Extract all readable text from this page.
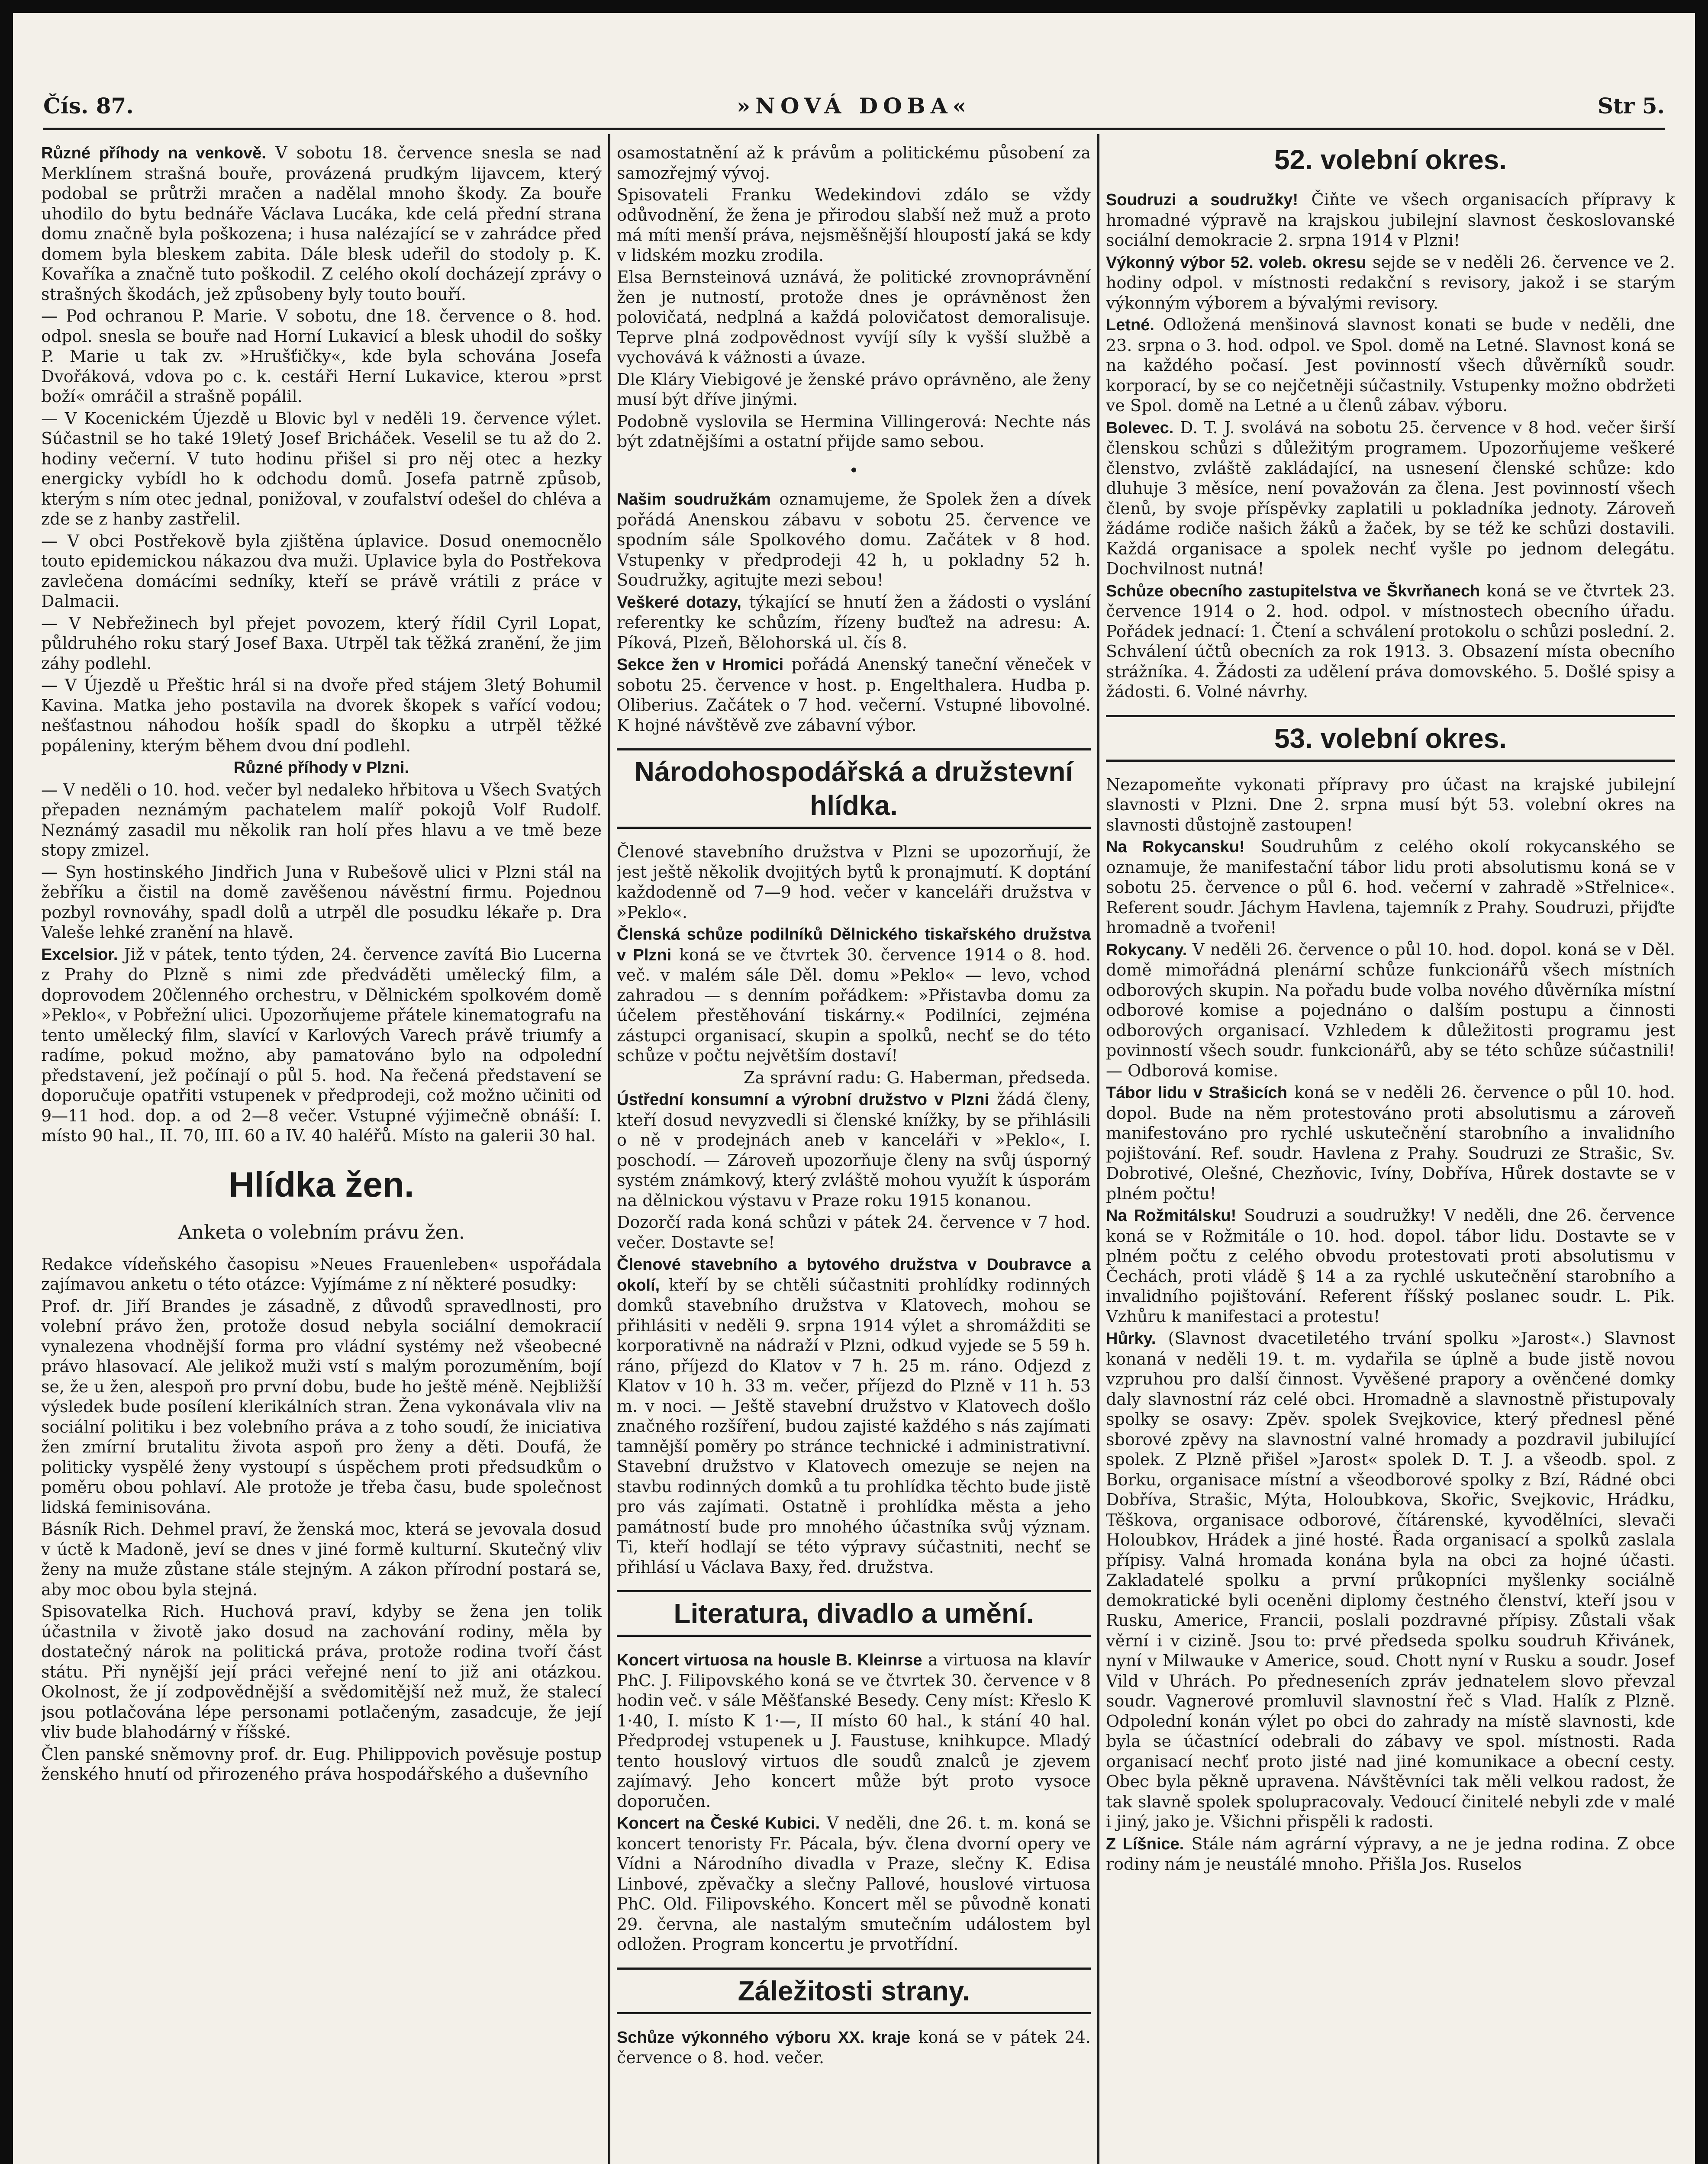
Čís. 87.	»NOVÁ DOBA«	Str 5.

Různé příhody na venkově. V sobotu 18. července snesla se nad Merklínem strašná bouře, provázená prudkým lijavcem, který podobal se průtrži mračen a nadělal mnoho škody. Za bouře uhodilo do bytu bednáře Václava Lucáka, kde celá přední strana domu značně byla poškozena; i husa nalézající se v zahrádce před domem byla bleskem zabita. Dále blesk udeřil do stodoly p. K. Kovaříka a značně tuto poškodil. Z celého okolí docházejí zprávy o strašných škodách, jež způsobeny byly touto bouří.

— Pod ochranou P. Marie. V sobotu, dne 18. července o 8. hod. odpol. snesla se bouře nad Horní Lukavicí a blesk uhodil do sošky P. Marie u tak zv. »Hrušťičky«, kde byla schována Josefa Dvořáková, vdova po c. k. cestáři Herní Lukavice, kterou »prst boží« omráčil a strašně popálil.

— V Kocenickém Újezdě u Blovic byl v neděli 19. července výlet. Súčastnil se ho také 19letý Josef Bricháček. Veselil se tu až do 2. hodiny večerní. V tuto hodinu přišel si pro něj otec a hezky energicky vybídl ho k odchodu domů. Josefa patrně způsob, kterým s ním otec jednal, ponižoval, v zoufalství odešel do chléva a zde se z hanby zastřelil.

— V obci Postřekově byla zjištěna úplavice. Dosud onemocnělo touto epidemickou nákazou dva muži. Uplavice byla do Postřekova zavlečena domácími sedníky, kteří se právě vrátili z práce v Dalmacii.

— V Nebřežinech byl přejet povozem, který řídil Cyril Lopat, půldruhého roku starý Josef Baxa. Utrpěl tak těžká zranění, že jim záhy podlehl.

— V Újezdě u Přeštic hrál si na dvoře před stájem 3letý Bohumil Kavina. Matka jeho postavila na dvorek škopek s vařící vodou; nešťastnou náhodou hošík spadl do škopku a utrpěl těžké popáleniny, kterým během dvou dní podlehl.

Různé příhody v Plzni.

— V neděli o 10. hod. večer byl nedaleko hřbitova u Všech Svatých přepaden neznámým pachatelem malíř pokojů Volf Rudolf. Neznámý zasadil mu několik ran holí přes hlavu a ve tmě beze stopy zmizel.

— Syn hostinského Jindřich Juna v Rubešově ulici v Plzni stál na žebříku a čistil na domě zavěšenou návěstní firmu. Pojednou pozbyl rovnováhy, spadl dolů a utrpěl dle posudku lékaře p. Dra Valeše lehké zranění na hlavě.

Excelsior. Již v pátek, tento týden, 24. července zavítá Bio Lucerna z Prahy do Plzně s nimi zde předváděti umělecký film, a doprovodem 20členného orchestru, v Dělnickém spolkovém domě »Peklo«, v Pobřežní ulici. Upozorňujeme přátele kinematografu na tento umělecký film, slavící v Karlových Varech právě triumfy a radíme, pokud možno, aby pamatováno bylo na odpolední představení, jež počínají o půl 5. hod. Na řečená představení se doporučuje opatřiti vstupenek v předprodeji, což možno učiniti od 9—11 hod. dop. a od 2—8 večer. Vstupné výjimečně obnáší: I. místo 90 hal., II. 70, III. 60 a IV. 40 haléřů. Místo na galerii 30 hal.

Hlídka žen.
Anketa o volebním právu žen.

Redakce vídeňského časopisu »Neues Frauenleben« uspořádala zajímavou anketu o této otázce: Vyjímáme z ní některé posudky:

Prof. dr. Jiří Brandes je zásadně, z důvodů spravedlnosti, pro volební právo žen, protože dosud nebyla sociální demokracií vynalezena vhodnější forma pro vládní systémy než všeobecné právo hlasovací. Ale jelikož muži vstí s malým porozuměním, bojí se, že u žen, alespoň pro první dobu, bude ho ještě méně. Nejbližší výsledek bude posílení klerikálních stran. Žena vykonávala vliv na sociální politiku i bez volebního práva a z toho soudí, že iniciativa žen zmírní brutalitu života aspoň pro ženy a děti. Doufá, že politicky vyspělé ženy vystoupí s úspěchem proti předsudkům o poměru obou pohlaví. Ale protože je třeba času, bude společnost lidská feminisována.

Básník Rich. Dehmel praví, že ženská moc, která se jevovala dosud v úctě k Madoně, jeví se dnes v jiné formě kulturní. Skutečný vliv ženy na muže zůstane stále stejným. A zákon přírodní postará se, aby moc obou byla stejná.

Spisovatelka Rich. Huchová praví, kdyby se žena jen tolik účastnila v životě jako dosud na zachování rodiny, měla by dostatečný nárok na politická práva, protože rodina tvoří část státu. Při nynější její práci veřejné není to již ani otázkou. Okolnost, že jí zodpovědnější a svědomitější než muž, že stalecí jsou potlačována lépe personami potlačeným, zasadcuje, že její vliv bude blahodárný v říšské.

Člen panské sněmovny prof. dr. Eug. Philippovich pověsuje postup ženského hnutí od přirozeného práva hospodářského a duševního

osamostatnění až k právům a politickému působení za samozřejmý vývoj.

Spisovateli Franku Wedekindovi zdálo se vždy odůvodnění, že žena je přirodou slabší než muž a proto má míti menší práva, nejsměšnější hloupostí jaká se kdy v lidském mozku zrodila.

Elsa Bernsteinová uznává, že politické zrovnoprávnění žen je nutností, protože dnes je oprávněnost žen polovičatá, nedplná a každá polovičatost demoralisuje. Teprve plná zodpovědnost vyvíjí síly k vyšší službě a vychovává k vážnosti a úvaze.

Dle Kláry Viebigové je ženské právo oprávněno, ale ženy musí být dříve jinými.

Podobně vyslovila se Hermina Villingerová: Nechte nás být zdatnějšími a ostatní přijde samo sebou.

•

Našim soudružkám oznamujeme, že Spolek žen a dívek pořádá Anenskou zábavu v sobotu 25. července ve spodním sále Spolkového domu. Začátek v 8 hod. Vstupenky v předprodeji 42 h, u pokladny 52 h. Soudružky, agitujte mezi sebou!

Veškeré dotazy, týkající se hnutí žen a žádosti o vyslání referentky ke schůzím, řízeny buďtež na adresu: A. Píková, Plzeň, Bělohorská ul. čís 8.

Sekce žen v Hromici pořádá Anenský taneční věneček v sobotu 25. července v host. p. Engelthalera. Hudba p. Oliberius. Začátek o 7 hod. večerní. Vstupné libovolné. K hojné návštěvě zve zábavní výbor.

Národohospodářská a družstevní hlídka.

Členové stavebního družstva v Plzni se upozorňují, že jest ještě několik dvojitých bytů k pronajmutí. K doptání každodenně od 7—9 hod. večer v kanceláři družstva v »Peklo«.

Členská schůze podilníků Dělnického tiskařského družstva v Plzni koná se ve čtvrtek 30. července 1914 o 8. hod. več. v malém sále Děl. domu »Peklo« — levo, vchod zahradou — s denním pořádkem: »Přistavba domu za účelem přestěhování tiskárny.« Podilníci, zejména zástupci organisací, skupin a spolků, nechť se do této schůze v počtu největším dostaví!

Za správní radu: G. Haberman, předseda.

Ústřední konsumní a výrobní družstvo v Plzni žádá členy, kteří dosud nevyzvedli si členské knížky, by se přihlásili o ně v prodejnách aneb v kanceláři v »Peklo«, I. poschodí. — Zároveň upozorňuje členy na svůj úsporný systém známkový, který zvláště mohou využít k úsporám na dělnickou výstavu v Praze roku 1915 konanou.

Dozorčí rada koná schůzi v pátek 24. července v 7 hod. večer. Dostavte se!

Členové stavebního a bytového družstva v Doubravce a okolí, kteří by se chtěli súčastniti prohlídky rodinných domků stavebního družstva v Klatovech, mohou se přihlásiti v neděli 9. srpna 1914 výlet a shromážditi se korporativně na nádraží v Plzni, odkud vyjede se 5 59 h. ráno, příjezd do Klatov v 7 h. 25 m. ráno. Odjezd z Klatov v 10 h. 33 m. večer, příjezd do Plzně v 11 h. 53 m. v noci. — Ještě stavební družstvo v Klatovech došlo značného rozšíření, budou zajisté každého s nás zajímati tamnější poměry po stránce technické i administrativní. Stavební družstvo v Klatovech omezuje se nejen na stavbu rodinných domků a tu prohlídka těchto bude jistě pro vás zajímati. Ostatně i prohlídka města a jeho památností bude pro mnohého účastníka svůj význam. Ti, kteří hodlají se této výpravy súčastniti, nechť se přihlásí u Václava Baxy, řed. družstva.

Literatura, divadlo a umění.

Koncert virtuosa na housle B. Kleinrse a virtuosa na klavír PhC. J. Filipovského koná se ve čtvrtek 30. července v 8 hodin več. v sále Měšťanské Besedy. Ceny míst: Křeslo K 1·40, I. místo K 1·—, II místo 60 hal., k stání 40 hal. Předprodej vstupenek u J. Faustuse, knihkupce. Mladý tento houslový virtuos dle soudů znalců je zjevem zajímavý. Jeho koncert může být proto vysoce doporučen.

Koncert na České Kubici. V neděli, dne 26. t. m. koná se koncert tenoristy Fr. Pácala, býv. člena dvorní opery ve Vídni a Národního divadla v Praze, slečny K. Edisa Linbové, zpěvačky a slečny Pallové, houslové virtuosa PhC. Old. Filipovského. Koncert měl se původně konati 29. června, ale nastalým smutečním událostem byl odložen. Program koncertu je prvotřídní.

Záležitosti strany.

Schůze výkonného výboru XX. kraje koná se v pátek 24. července o 8. hod. večer.

52. volební okres.

Soudruzi a soudružky! Čiňte ve všech organisacích přípravy k hromadné výpravě na krajskou jubilejní slavnost českoslovanské sociální demokracie 2. srpna 1914 v Plzni!

Výkonný výbor 52. voleb. okresu sejde se v neděli 26. července ve 2. hodiny odpol. v místnosti redakční s revisory, jakož i se starým výkonným výborem a bývalými revisory.

Letné. Odložená menšinová slavnost konati se bude v neděli, dne 23. srpna o 3. hod. odpol. ve Spol. domě na Letné. Slavnost koná se na každého počasí. Jest povinností všech důvěrníků soudr. korporací, by se co nejčetněji súčastnily. Vstupenky možno obdržeti ve Spol. domě na Letné a u členů zábav. výboru.

Bolevec. D. T. J. svolává na sobotu 25. července v 8 hod. večer širší členskou schůzi s důležitým programem. Upozorňujeme veškeré členstvo, zvláště zakládající, na usnesení členské schůze: kdo dluhuje 3 měsíce, není považován za člena. Jest povinností všech členů, by svoje příspěvky zaplatili u pokladníka jednoty. Zároveň žádáme rodiče našich žáků a žaček, by se též ke schůzi dostavili. Každá organisace a spolek nechť vyšle po jednom delegátu. Dochvilnost nutná!

Schůze obecního zastupitelstva ve Škvrňanech koná se ve čtvrtek 23. července 1914 o 2. hod. odpol. v místnostech obecního úřadu. Pořádek jednací: 1. Čtení a schválení protokolu o schůzi poslední. 2. Schválení účtů obecních za rok 1913. 3. Obsazení místa obecního strážníka. 4. Žádosti za udělení práva domovského. 5. Došlé spisy a žádosti. 6. Volné návrhy.

53. volební okres.

Nezapomeňte vykonati přípravy pro účast na krajské jubilejní slavnosti v Plzni. Dne 2. srpna musí být 53. volební okres na slavnosti důstojně zastoupen!

Na Rokycansku! Soudruhům z celého okolí rokycanského se oznamuje, že manifestační tábor lidu proti absolutismu koná se v sobotu 25. července o půl 6. hod. večerní v zahradě »Střelnice«. Referent soudr. Jáchym Havlena, tajemník z Prahy. Soudruzi, přijďte hromadně a tvořeni!

Rokycany. V neděli 26. července o půl 10. hod. dopol. koná se v Děl. domě mimořádná plenární schůze funkcionářů všech místních odborových skupin. Na pořadu bude volba nového důvěrníka místní odborové komise a pojednáno o dalším postupu a činnosti odborových organisací. Vzhledem k důležitosti programu jest povinností všech soudr. funkcionářů, aby se této schůze súčastnili! — Odborová komise.

Tábor lidu v Strašicích koná se v neděli 26. července o půl 10. hod. dopol. Bude na něm protestováno proti absolutismu a zároveň manifestováno pro rychlé uskutečnění starobního a invalidního pojištování. Ref. soudr. Havlena z Prahy. Soudruzi ze Strašic, Sv. Dobrotivé, Olešné, Chezňovic, Ivíny, Dobřívа, Hůrek dostavte se v plném počtu!

Na Rožmitálsku! Soudruzi a soudružky! V neděli, dne 26. července koná se v Rožmitále o 10. hod. dopol. tábor lidu. Dostavte se v plném počtu z celého obvodu protestovati proti absolutismu v Čechách, proti vládě § 14 a za rychlé uskutečnění starobního a invalidního pojištování. Referent říšský poslanec soudr. L. Pik. Vzhůru k manifestaci a protestu!

Hůrky. (Slavnost dvacetiletého trvání spolku »Jarost«.) Slavnost konaná v neděli 19. t. m. vydařila se úplně a bude jistě novou vzpruhou pro další činnost. Vyvěšené prapory a ověnčené domky daly slavnostní ráz celé obci. Hromadně a slavnostně přistupovaly spolky se osavy: Zpěv. spolek Svejkovice, který přednesl pěné sborové zpěvy na slavnostní valné hromady a pozdravil jubilující spolek. Z Plzně přišel »Jarost« spolek D. T. J. a všeodb. spol. z Borku, organisace místní a všeodborové spolky z Bzí, Rádné obci Dobřívа, Strašic, Mýta, Holoubkova, Skořic, Svejkovic, Hrádku, Těškova, organisace odborové, čítárenské, kyvodělníci, slevači Holoubkov, Hrádek a jiné hosté. Řada organisací a spolků zaslala přípisy. Valná hromada konána byla na obci za hojné účasti. Zakladatelé spolku a první průkopníci myšlenky sociálně demokratické byli oceněni diplomy čestného členství, kteří jsou v Rusku, Americe, Francii, poslali pozdravné přípisy. Zůstali však věrní i v cizině. Jsou to: prvé předseda spolku soudruh Křivánek, nyní v Milwauke v Americe, soud. Chott nyní v Rusku a soudr. Josef Vild v Uhrách. Po předneseních zpráv jednatelem slovo převzal soudr. Vagnerové promluvil slavnostní řeč s Vlad. Halík z Plzně. Odpolední konán výlet po obci do zahrady na místě slavnosti, kde byla se účastnící odebrali do zábavy ve spol. místnosti. Rada organisací nechť proto jisté nad jiné komunikace a obecní cesty. Obec byla pěkně upravena. Návštěvníci tak měli velkou radost, že tak slavně spolek spolupracovaly. Vedoucí činitelé nebyli zde v malé i jiný, jako je. Všichni přispěli k radosti.

Z Líšnice. Stále nám agrární výpravy, a ne je jedna rodina. Z obce rodiny nám je neustálé mnoho. Přišla Jos. Ruselos
